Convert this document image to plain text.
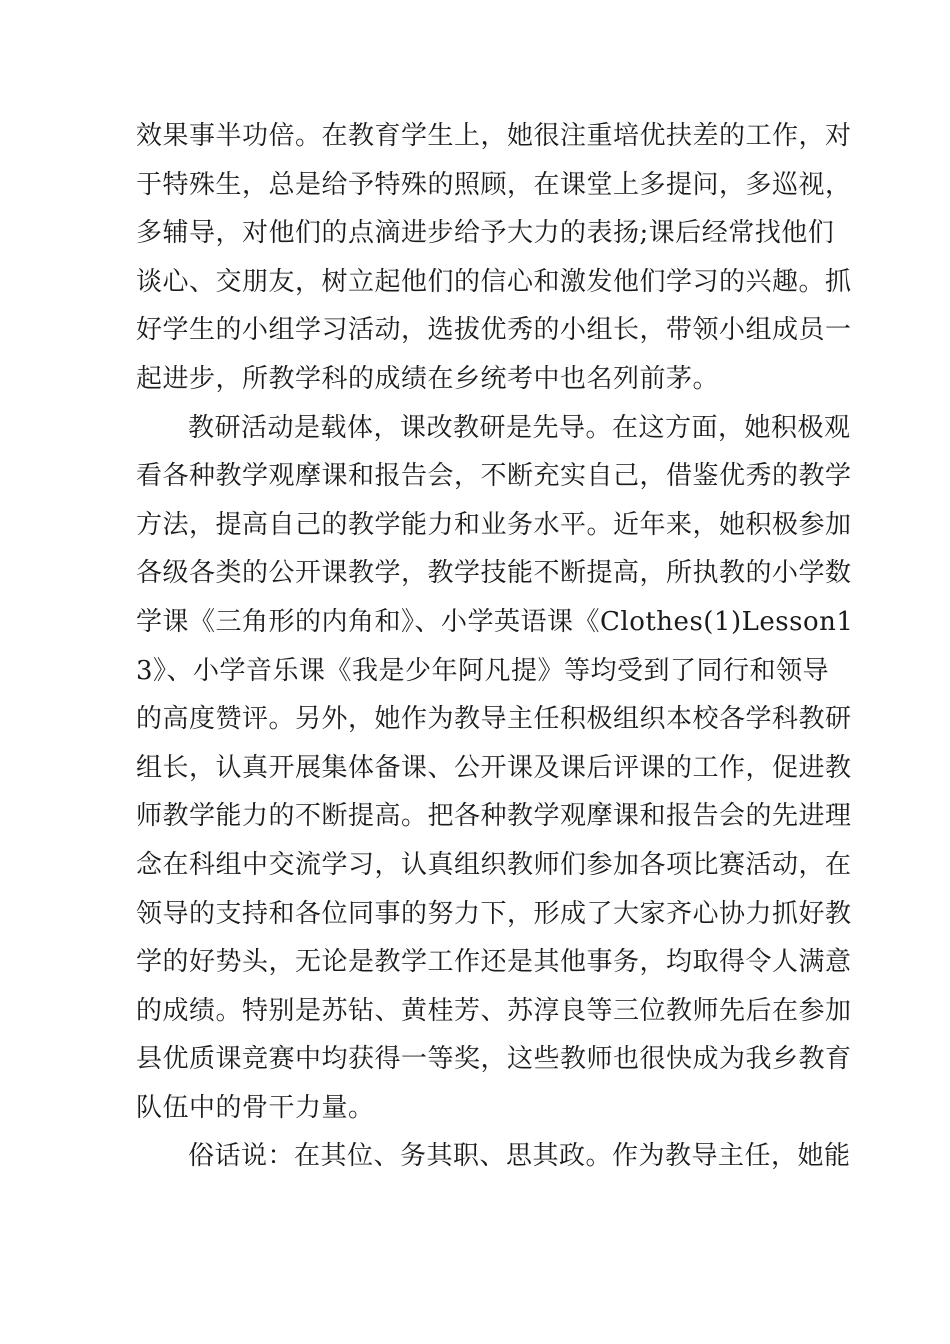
效果事半功倍。在教育学生上，她很注重培优扶差的工作，对
于特殊生，总是给予特殊的照顾，在课堂上多提问，多巡视，
多辅导，对他们的点滴进步给予大力的表扬;课后经常找他们
谈心、交朋友，树立起他们的信心和激发他们学习的兴趣。抓
好学生的小组学习活动，选拔优秀的小组长，带领小组成员一
起进步，所教学科的成绩在乡统考中也名列前茅。
教研活动是载体，课改教研是先导。在这方面，她积极观
看各种教学观摩课和报告会，不断充实自己，借鉴优秀的教学
方法，提高自己的教学能力和业务水平。近年来，她积极参加
各级各类的公开课教学，教学技能不断提高，所执教的小学数
学课《三角形的内角和》、小学英语课《Clothes(1)Lesson1
3》、小学音乐课《我是少年阿凡提》等均受到了同行和领导
的高度赞评。另外，她作为教导主任积极组织本校各学科教研
组长，认真开展集体备课、公开课及课后评课的工作，促进教
师教学能力的不断提高。把各种教学观摩课和报告会的先进理
念在科组中交流学习，认真组织教师们参加各项比赛活动，在
领导的支持和各位同事的努力下，形成了大家齐心协力抓好教
学的好势头，无论是教学工作还是其他事务，均取得令人满意
的成绩。特别是苏钻、黄桂芳、苏淳良等三位教师先后在参加
县优质课竞赛中均获得一等奖，这些教师也很快成为我乡教育
队伍中的骨干力量。
俗话说：在其位、务其职、思其政。作为教导主任，她能
